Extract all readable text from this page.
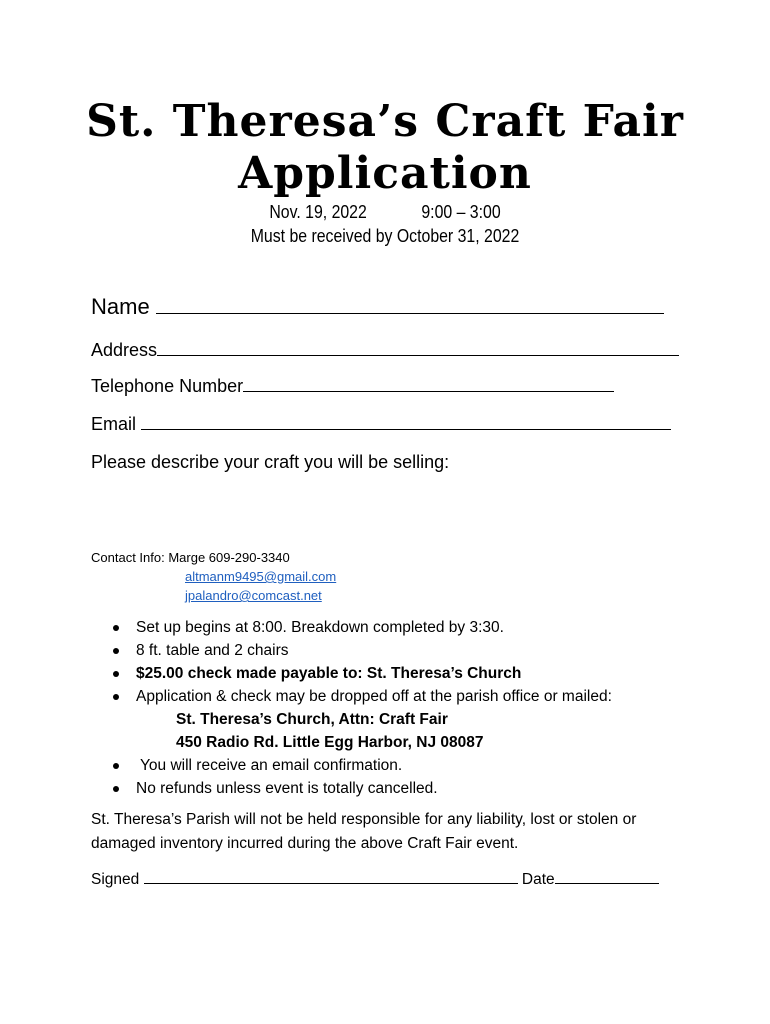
St. Theresa’s Craft Fair
Application
Nov. 19, 2022	9:00 – 3:00
Must be received by October 31, 2022
Name
Address
Telephone Number
Email
Please describe your craft you will be selling:
Contact Info: Marge 609-290-3340
altmanm9495@gmail.com
jpalandro@comcast.net
Set up begins at 8:00. Breakdown completed by 3:30.
8 ft. table and 2 chairs
$25.00 check made payable to: St. Theresa’s Church
Application & check may be dropped off at the parish office or mailed:
St. Theresa’s Church, Attn: Craft Fair
450 Radio Rd. Little Egg Harbor, NJ 08087
You will receive an email confirmation.
No refunds unless event is totally cancelled.
St. Theresa’s Parish will not be held responsible for any liability, lost or stolen or damaged inventory incurred during the above Craft Fair event.
Signed	Date
